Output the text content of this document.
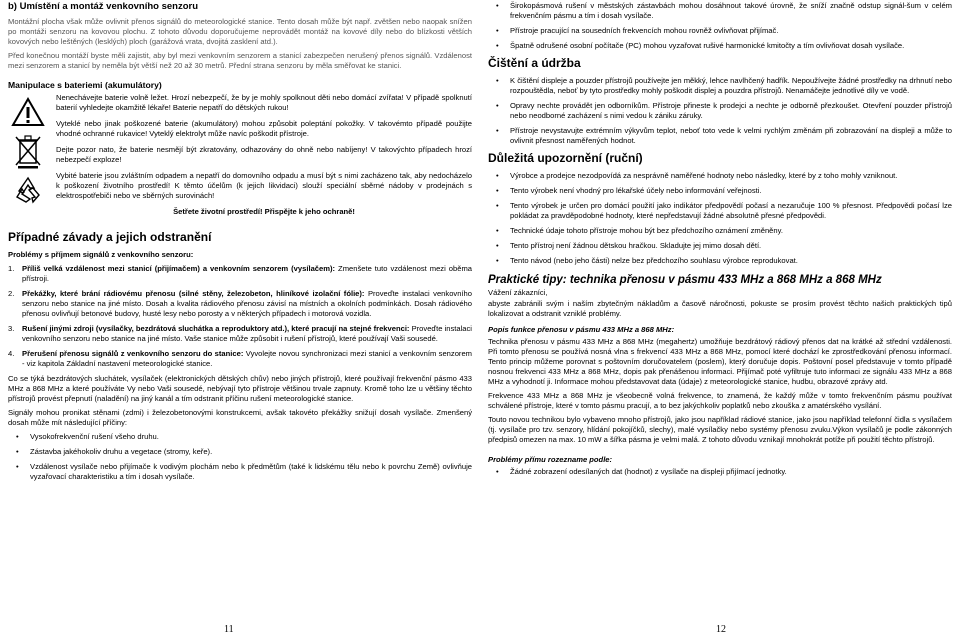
b) Umístění a montáž venkovního senzoru

Montážní plocha však může ovlivnit přenos signálů do meteorologické stanice. Tento dosah může být např. zvětšen nebo naopak snížen po montáži senzoru na kovovou plochu. Z tohoto důvodu doporučujeme neprovádět montáž na kovové díly nebo do blízkosti větších kovových nebo leštěných (lesklých) ploch (garážová vrata, dvojitá zasklení atd.).

Před konečnou montáží byste měli zajistit, aby byl mezi venkovním senzorem a stanicí zabezpečen nerušený přenos signálů. Vzdálenost mezi senzorem a stanicí by neměla být větší než 20 až 30 metrů. Přední strana senzoru by měla směřovat ke stanici.

Manipulace s bateriemi (akumulátory)

Nenechávejte baterie volně ležet. Hrozí nebezpečí, že by je mohly spolknout děti nebo domácí zvířata! V případě spolknutí baterií vyhledejte okamžitě lékaře! Baterie nepatří do dětských rukou!

Vyteklé nebo jinak poškozené baterie (akumulátory) mohou způsobit poleptání pokožky. V takovémto případě použijte vhodné ochranné rukavice! Vyteklý elektrolyt může navíc poškodit přístroje.

Dejte pozor nato, že baterie nesmějí být zkratovány, odhazovány do ohně nebo nabíjeny! V takovýchto případech hrozí nebezpečí exploze!

Vybité baterie jsou zvláštním odpadem a nepatří do domovního odpadu a musí být s nimi zacházeno tak, aby nedocházelo k poškození životního prostředí! K těmto účelům (k jejich likvidaci) slouží speciální sběrné nádoby v prodejnách s elektrospotřebiči nebo ve sběrných surovinách!

Šetřete životní prostředí! Přispějte k jeho ochraně!
Případné závady a jejich odstranění
Problémy s příjmem signálů z venkovního senzoru:
1. Příliš velká vzdálenost mezi stanicí (přijímačem) a venkovním senzorem (vysílačem): Zmenšete tuto vzdálenost mezi oběma přístroji.
2. Překážky, které brání rádiovému přenosu (silné stěny, železobeton, hliníkové izolační fólie): Proveďte instalaci venkovního senzoru nebo stanice na jiné místo. Dosah a kvalita rádiového přenosu závisí na místních a okolních podmínkách. Dosah rádiového přenosu ovlivňují betonové budovy, husté lesy nebo porosty a v některých případech i motorová vozidla.
3. Rušení jinými zdroji (vysílačky, bezdrátová sluchátka a reproduktory atd.), které pracují na stejné frekvenci: Proveďte instalaci venkovního senzoru nebo stanice na jiné místo. Vaše stanice může způsobit i rušení přístrojů, které používají Vaši sousedé.
4. Přerušení přenosu signálů z venkovního senzoru do stanice: Vyvolejte novou synchronizaci mezi stanicí a venkovním senzorem - viz kapitola Základní nastavení meteorologické stanice.

Co se týká bezdrátových sluchátek, vysílaček (elektronických dětských chův) nebo jiných přístrojů, které používají frekvenční pásmo 433 MHz a 868 MHz a které používáte Vy nebo Vaši sousedé, nebývají tyto přístroje většinou trvale zapnuty. Kromě toho lze u většiny těchto přístrojů provést přepnutí (naladění) na jiný kanál a tím odstranit příčinu rušení meteorologické stanice.

Signály mohou pronikat stěnami (zdmi) i železobetonovými konstrukcemi, avšak takovéto překážky snižují dosah vysílače. Zmenšený dosah může mít následující příčiny:

• Vysokofrekvenční rušení všeho druhu.
• Zástavba jakéhokoliv druhu a vegetace (stromy, keře).
• Vzdálenost vysílače nebo přijímače k vodivým plochám nebo k předmětům (také k lidskému tělu nebo k povrchu Země) ovlivňuje vyzařovací charakteristiku a tím i dosah vysílače.
11
• Širokopásmová rušení v městských zástavbách mohou dosáhnout takové úrovně, že sníží značně odstup signál-šum v celém frekvenčním pásmu a tím i dosah vysílače.
• Přístroje pracující na sousedních frekvencích mohou rovněž ovlivňovat přijímač.
• Špatně odrušené osobní počítače (PC) mohou vyzařovat rušivé harmonické kmitočty a tím ovlivňovat dosah vysílače.
Čištění a údržba
• K čištění displeje a pouzder přístrojů používejte jen měkký, lehce navlhčený hadřík. Nepoužívejte žádné prostředky na drhnutí nebo rozpouštědla, neboť by tyto prostředky mohly poškodit displej a pouzdra přístrojů. Nenamáčejte jednotlivé díly ve vodě.
• Opravy nechte provádět jen odborníkům. Přístroje přineste k prodejci a nechte je odborně přezkoušet. Otevření pouzder přístrojů nebo neodborné zacházení s nimi vedou k zániku záruky.
• Přístroje nevystavujte extrémním výkyvům teplot, neboť toto vede k velmi rychlým změnám při zobrazování na displeji a může to ovlivnit přesnost naměřených hodnot.
Důležitá upozornění (ruční)
• Výrobce a prodejce nezodpovídá za nesprávně naměřené hodnoty nebo následky, které by z toho mohly vzniknout.
• Tento výrobek není vhodný pro lékařské účely nebo informování veřejnosti.
• Tento výrobek je určen pro domácí použití jako indikátor předpovědí počasí a nezaručuje 100 % přesnost. Předpovědi počasí lze pokládat za pravděpodobné hodnoty, které nepředstavují žádné absolutně přesné předpovědi.
• Technické údaje tohoto přístroje mohou být bez předchozího oznámení změněny.
• Tento přístroj není žádnou dětskou hračkou. Skladujte jej mimo dosah dětí.
• Tento návod (nebo jeho části) nelze bez předchozího souhlasu výrobce reprodukovat.
Praktické tipy: technika přenosu v pásmu 433 MHz a 868 MHz a 868 MHz

Vážení zákazníci,

abyste zabránili svým i naším zbytečným nákladům a časově náročnosti, pokuste se prosím provést těchto našich praktických tipů lokalizovat a odstranit vzniklé problémy.

Popis funkce přenosu v pásmu 433 MHz a 868 MHz:

Technika přenosu v pásmu 433 MHz a 868 MHz (megahertz) umožňuje bezdrátový rádiový přenos dat na krátké až střední vzdálenosti. Při tomto přenosu se používá nosná vlna s frekvencí 433 MHz a 868 MHz, pomocí které dochází ke zprostředkování přenosu informací. Tento princip můžeme porovnat s poštovním doručovatelem (poslem), který doručuje dopis. Poštovní posel představuje v tomto případě nosnou frekvenci 433 MHz a 868 MHz, dopis pak přenášenou informaci. Přijímač poté vyfiltruje tuto informaci ze signálu 433 MHz a 868 MHz a vyhodnotí ji. Informace mohou představovat data (údaje) z meteorologické stanice, hudbu, obrazové zprávy atd.

Frekvence 433 MHz a 868 MHz je všeobecně volná frekvence, to znamená, že každý může v tomto frekvenčním pásmu používat schválené přístroje, které v tomto pásmu pracují, a to bez jakýchkoliv poplatků nebo zkouška z amatérského vysílání.

Touto novou technikou bylo vybaveno mnoho přístrojů, jako jsou například rádiové stanice, jako jsou například telefonní čidla s vysílačem (tj. vysílače pro tzv. senzory, hlídání pokojíčků, slechy), malé vysílačky nebo systémy přenosu zvuku.Výkon vysílačů je podle zákonných předpisů omezen na max. 10 mW a šířka pásma je velmi malá. Z tohoto důvodu vznikají mnohokrát potíže při použití těchto přístrojů.

Problémy přímu rozezname podle:
• Žádné zobrazení odesílaných dat (hodnot) z vysílače na displeji přijímací jednotky.
12
